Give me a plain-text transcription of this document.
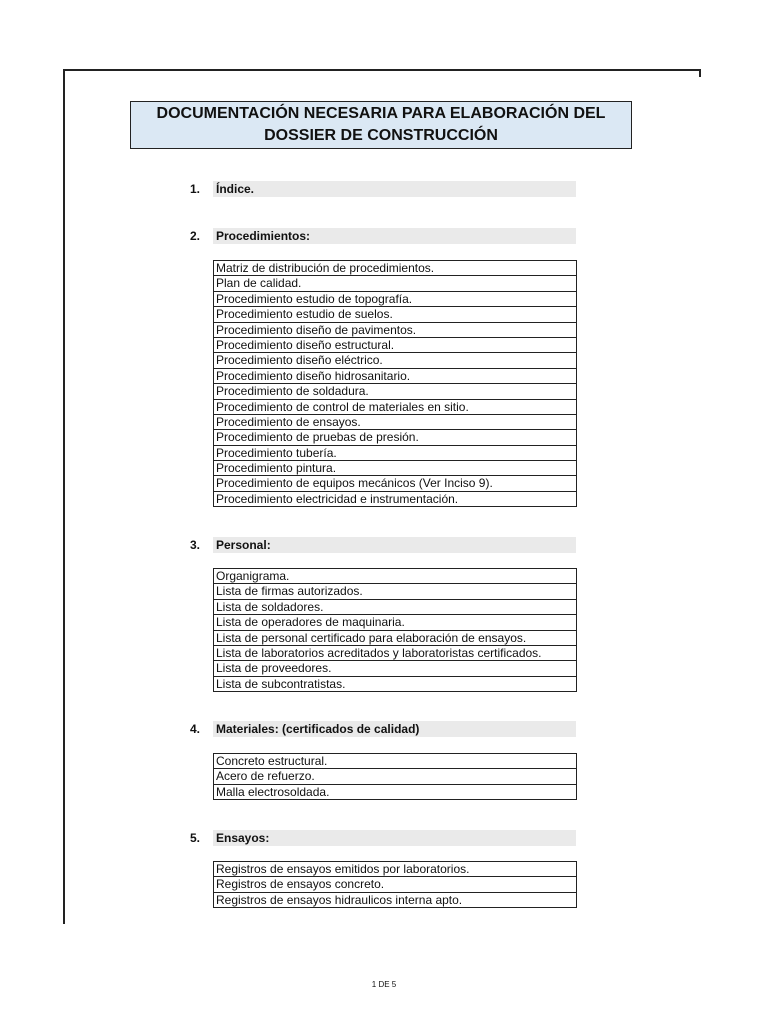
DOCUMENTACIÓN NECESARIA PARA ELABORACIÓN DEL
DOSSIER DE CONSTRUCCIÓN
1. Índice.
2. Procedimientos:
Matriz de distribución de procedimientos.
Plan de calidad.
Procedimiento estudio de topografía.
Procedimiento estudio de suelos.
Procedimiento diseño de pavimentos.
Procedimiento diseño estructural.
Procedimiento diseño eléctrico.
Procedimiento diseño hidrosanitario.
Procedimiento de soldadura.
Procedimiento de control de materiales en sitio.
Procedimiento de ensayos.
Procedimiento de pruebas de presión.
Procedimiento tubería.
Procedimiento pintura.
Procedimiento de equipos mecánicos (Ver Inciso 9).
Procedimiento electricidad e instrumentación.
3. Personal:
Organigrama.
Lista de firmas autorizados.
Lista de soldadores.
Lista de operadores de maquinaria.
Lista de personal certificado para elaboración de ensayos.
Lista de laboratorios acreditados y laboratoristas certificados.
Lista de proveedores.
Lista de subcontratistas.
4. Materiales: (certificados de calidad)
Concreto estructural.
Acero de refuerzo.
Malla electrosoldada.
5. Ensayos:
Registros de ensayos emitidos por laboratorios.
Registros de ensayos concreto.
Registros de ensayos hidraulicos interna apto.
1 DE 5
